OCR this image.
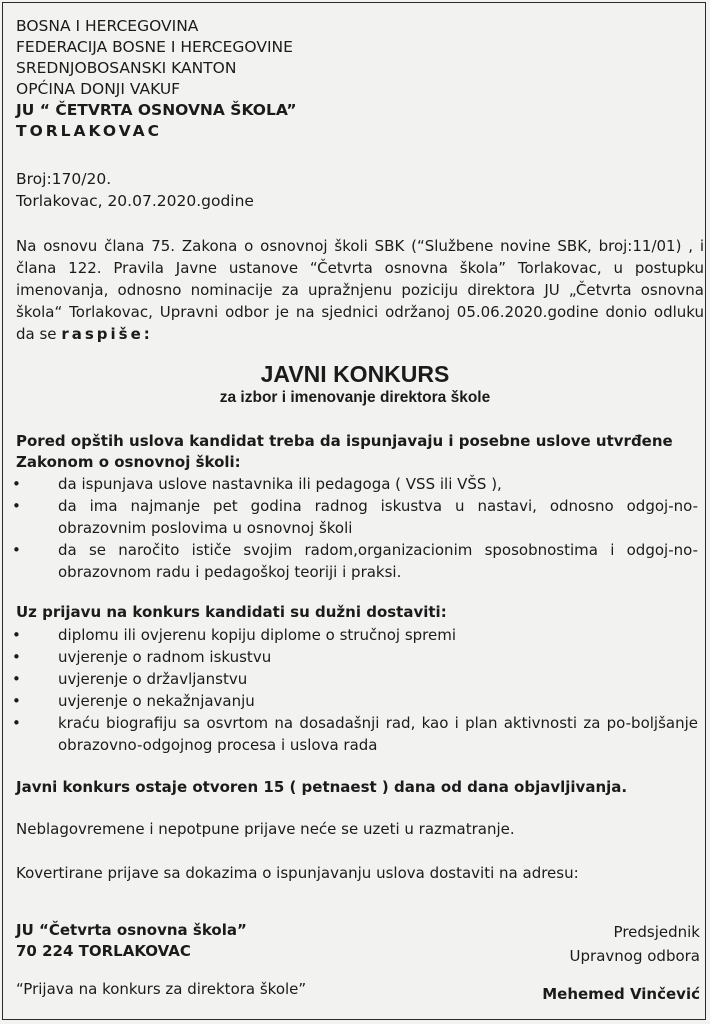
BOSNA I HERCEGOVINA
FEDERACIJA BOSNE I HERCEGOVINE
SREDNJOBOSANSKI KANTON
OPĆINA DONJI VAKUF
JU “ ČETVRTA OSNOVNA ŠKOLA”
TORLAKOVAC
Broj:170/20.
Torlakovac, 20.07.2020.godine
Na osnovu člana 75. Zakona o osnovnoj školi SBK (“Službene novine SBK, broj:11/01) , i člana 122. Pravila Javne ustanove “Četvrta osnovna škola” Torlakovac, u postupku imenovanja, odnosno nominacije za upražnjenu poziciju direktora JU „Četvrta osnovna škola“ Torlakovac, Upravni odbor je na sjednici održanoj 05.06.2020.godine donio odluku da se raspiše:
JAVNI KONKURS
za izbor i imenovanje direktora škole
Pored opštih uslova kandidat treba da ispunjavaju i posebne uslove utvrđene Zakonom o osnovnoj školi:
• da ispunjava uslove nastavnika ili pedagoga ( VSS ili VŠS ),
• da ima najmanje pet godina radnog iskustva u nastavi, odnosno odgoj-no-obrazovnim poslovima u osnovnoj školi
• da se naročito ističe svojim radom,organizacionim sposobnostima i odgoj-no-obrazovnom radu i pedagoškoj teoriji i praksi.
Uz prijavu na konkurs kandidati su dužni dostaviti:
• diplomu ili ovjerenu kopiju diplome o stručnoj spremi
• uvjerenje o radnom iskustvu
• uvjerenje o državljanstvu
• uvjerenje o nekažnjavanju
• kraću biografiju sa osvrtom na dosadašnji rad, kao i plan aktivnosti za po-boljšanje obrazovno-odgojnog procesa i uslova rada
Javni konkurs ostaje otvoren 15 ( petnaest ) dana od dana objavljivanja.
Neblagovremene i nepotpune prijave neće se uzeti u razmatranje.
Kovertirane prijave sa dokazima o ispunjavanju uslova dostaviti na adresu:
JU “Četvrta osnovna škola”
70 224 TORLAKOVAC
Predsjednik
Upravnog odbora
“Prijava na konkurs za direktora škole”	Mehemed Vinčević
